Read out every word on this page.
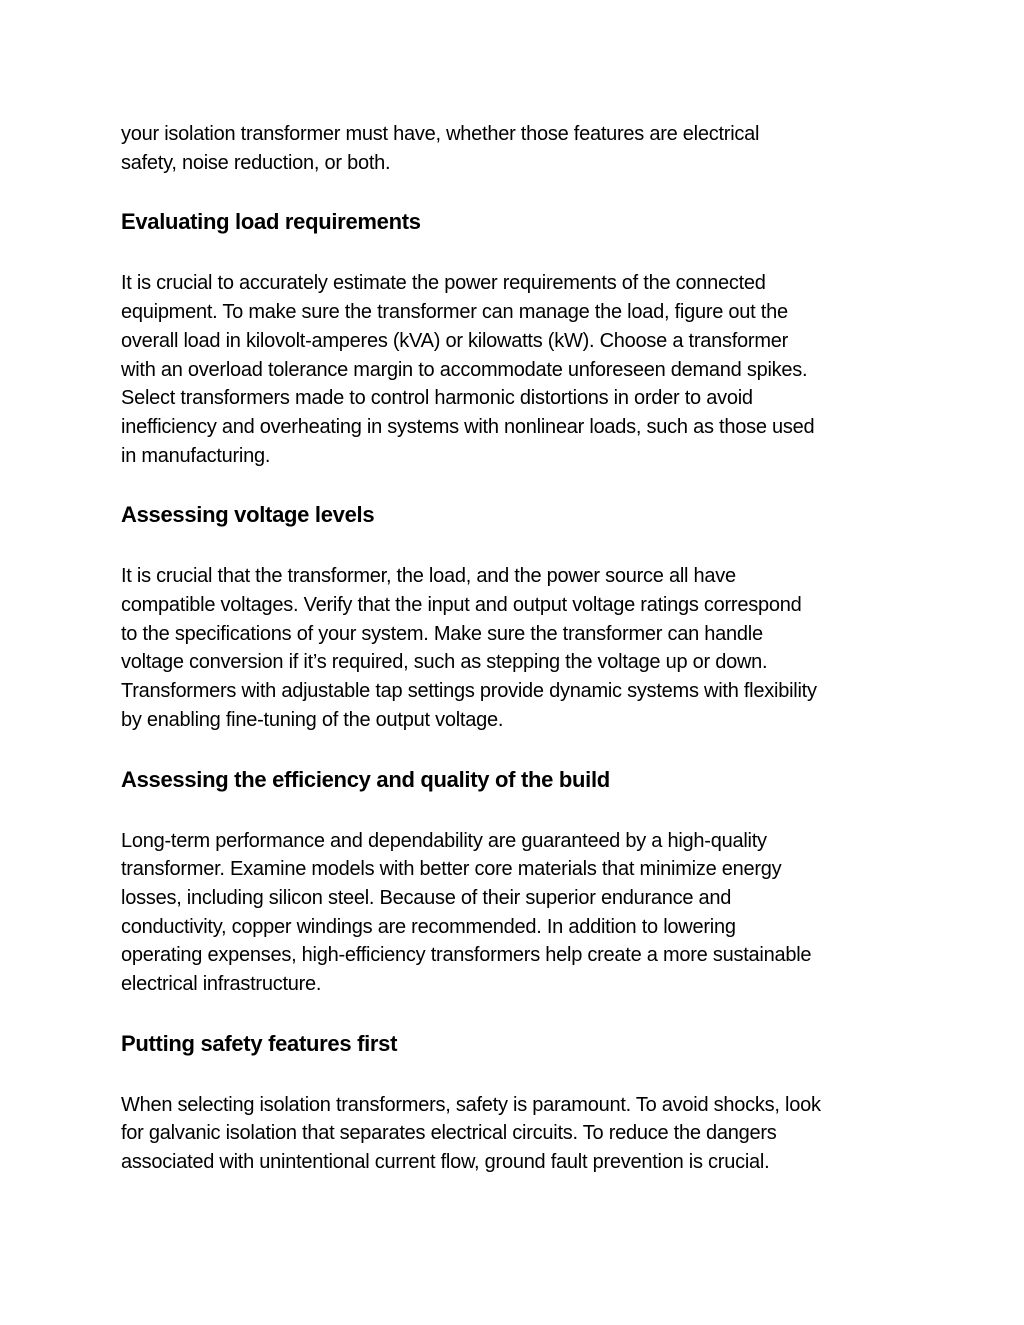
your isolation transformer must have, whether those features are electrical
safety, noise reduction, or both.

Evaluating load requirements

It is crucial to accurately estimate the power requirements of the connected
equipment. To make sure the transformer can manage the load, figure out the
overall load in kilovolt-amperes (kVA) or kilowatts (kW). Choose a transformer
with an overload tolerance margin to accommodate unforeseen demand spikes.
Select transformers made to control harmonic distortions in order to avoid
inefficiency and overheating in systems with nonlinear loads, such as those used
in manufacturing.

Assessing voltage levels

It is crucial that the transformer, the load, and the power source all have
compatible voltages. Verify that the input and output voltage ratings correspond
to the specifications of your system. Make sure the transformer can handle
voltage conversion if it’s required, such as stepping the voltage up or down.
Transformers with adjustable tap settings provide dynamic systems with flexibility
by enabling fine-tuning of the output voltage.

Assessing the efficiency and quality of the build

Long-term performance and dependability are guaranteed by a high-quality
transformer. Examine models with better core materials that minimize energy
losses, including silicon steel. Because of their superior endurance and
conductivity, copper windings are recommended. In addition to lowering
operating expenses, high-efficiency transformers help create a more sustainable
electrical infrastructure.

Putting safety features first

When selecting isolation transformers, safety is paramount. To avoid shocks, look
for galvanic isolation that separates electrical circuits. To reduce the dangers
associated with unintentional current flow, ground fault prevention is crucial.
